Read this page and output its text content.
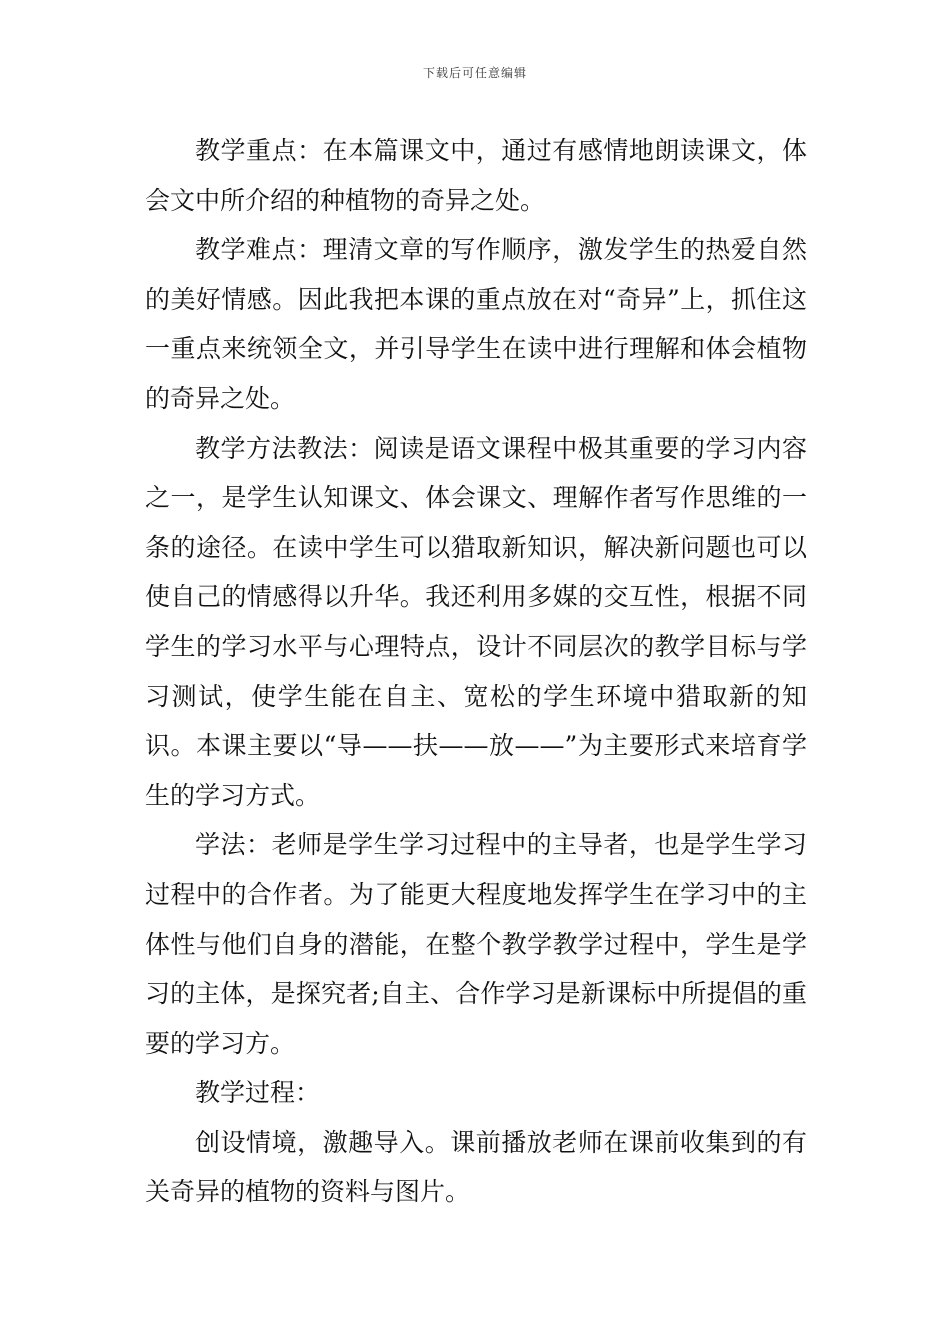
下载后可任意编辑

教学重点：在本篇课文中，通过有感情地朗读课文，体会文中所介绍的种植物的奇异之处。

教学难点：理清文章的写作顺序，激发学生的热爱自然的美好情感。因此我把本课的重点放在对“奇异”上，抓住这一重点来统领全文，并引导学生在读中进行理解和体会植物的奇异之处。

教学方法教法：阅读是语文课程中极其重要的学习内容之一，是学生认知课文、体会课文、理解作者写作思维的一条的途径。在读中学生可以猎取新知识，解决新问题也可以使自己的情感得以升华。我还利用多媒的交互性，根据不同学生的学习水平与心理特点，设计不同层次的教学目标与学习测试，使学生能在自主、宽松的学生环境中猎取新的知识。本课主要以“导——扶——放——”为主要形式来培育学生的学习方式。

学法：老师是学生学习过程中的主导者，也是学生学习过程中的合作者。为了能更大程度地发挥学生在学习中的主体性与他们自身的潜能，在整个教学教学过程中，学生是学习的主体，是探究者;自主、合作学习是新课标中所提倡的重要的学习方。

教学过程：

创设情境，激趣导入。课前播放老师在课前收集到的有关奇异的植物的资料与图片。
